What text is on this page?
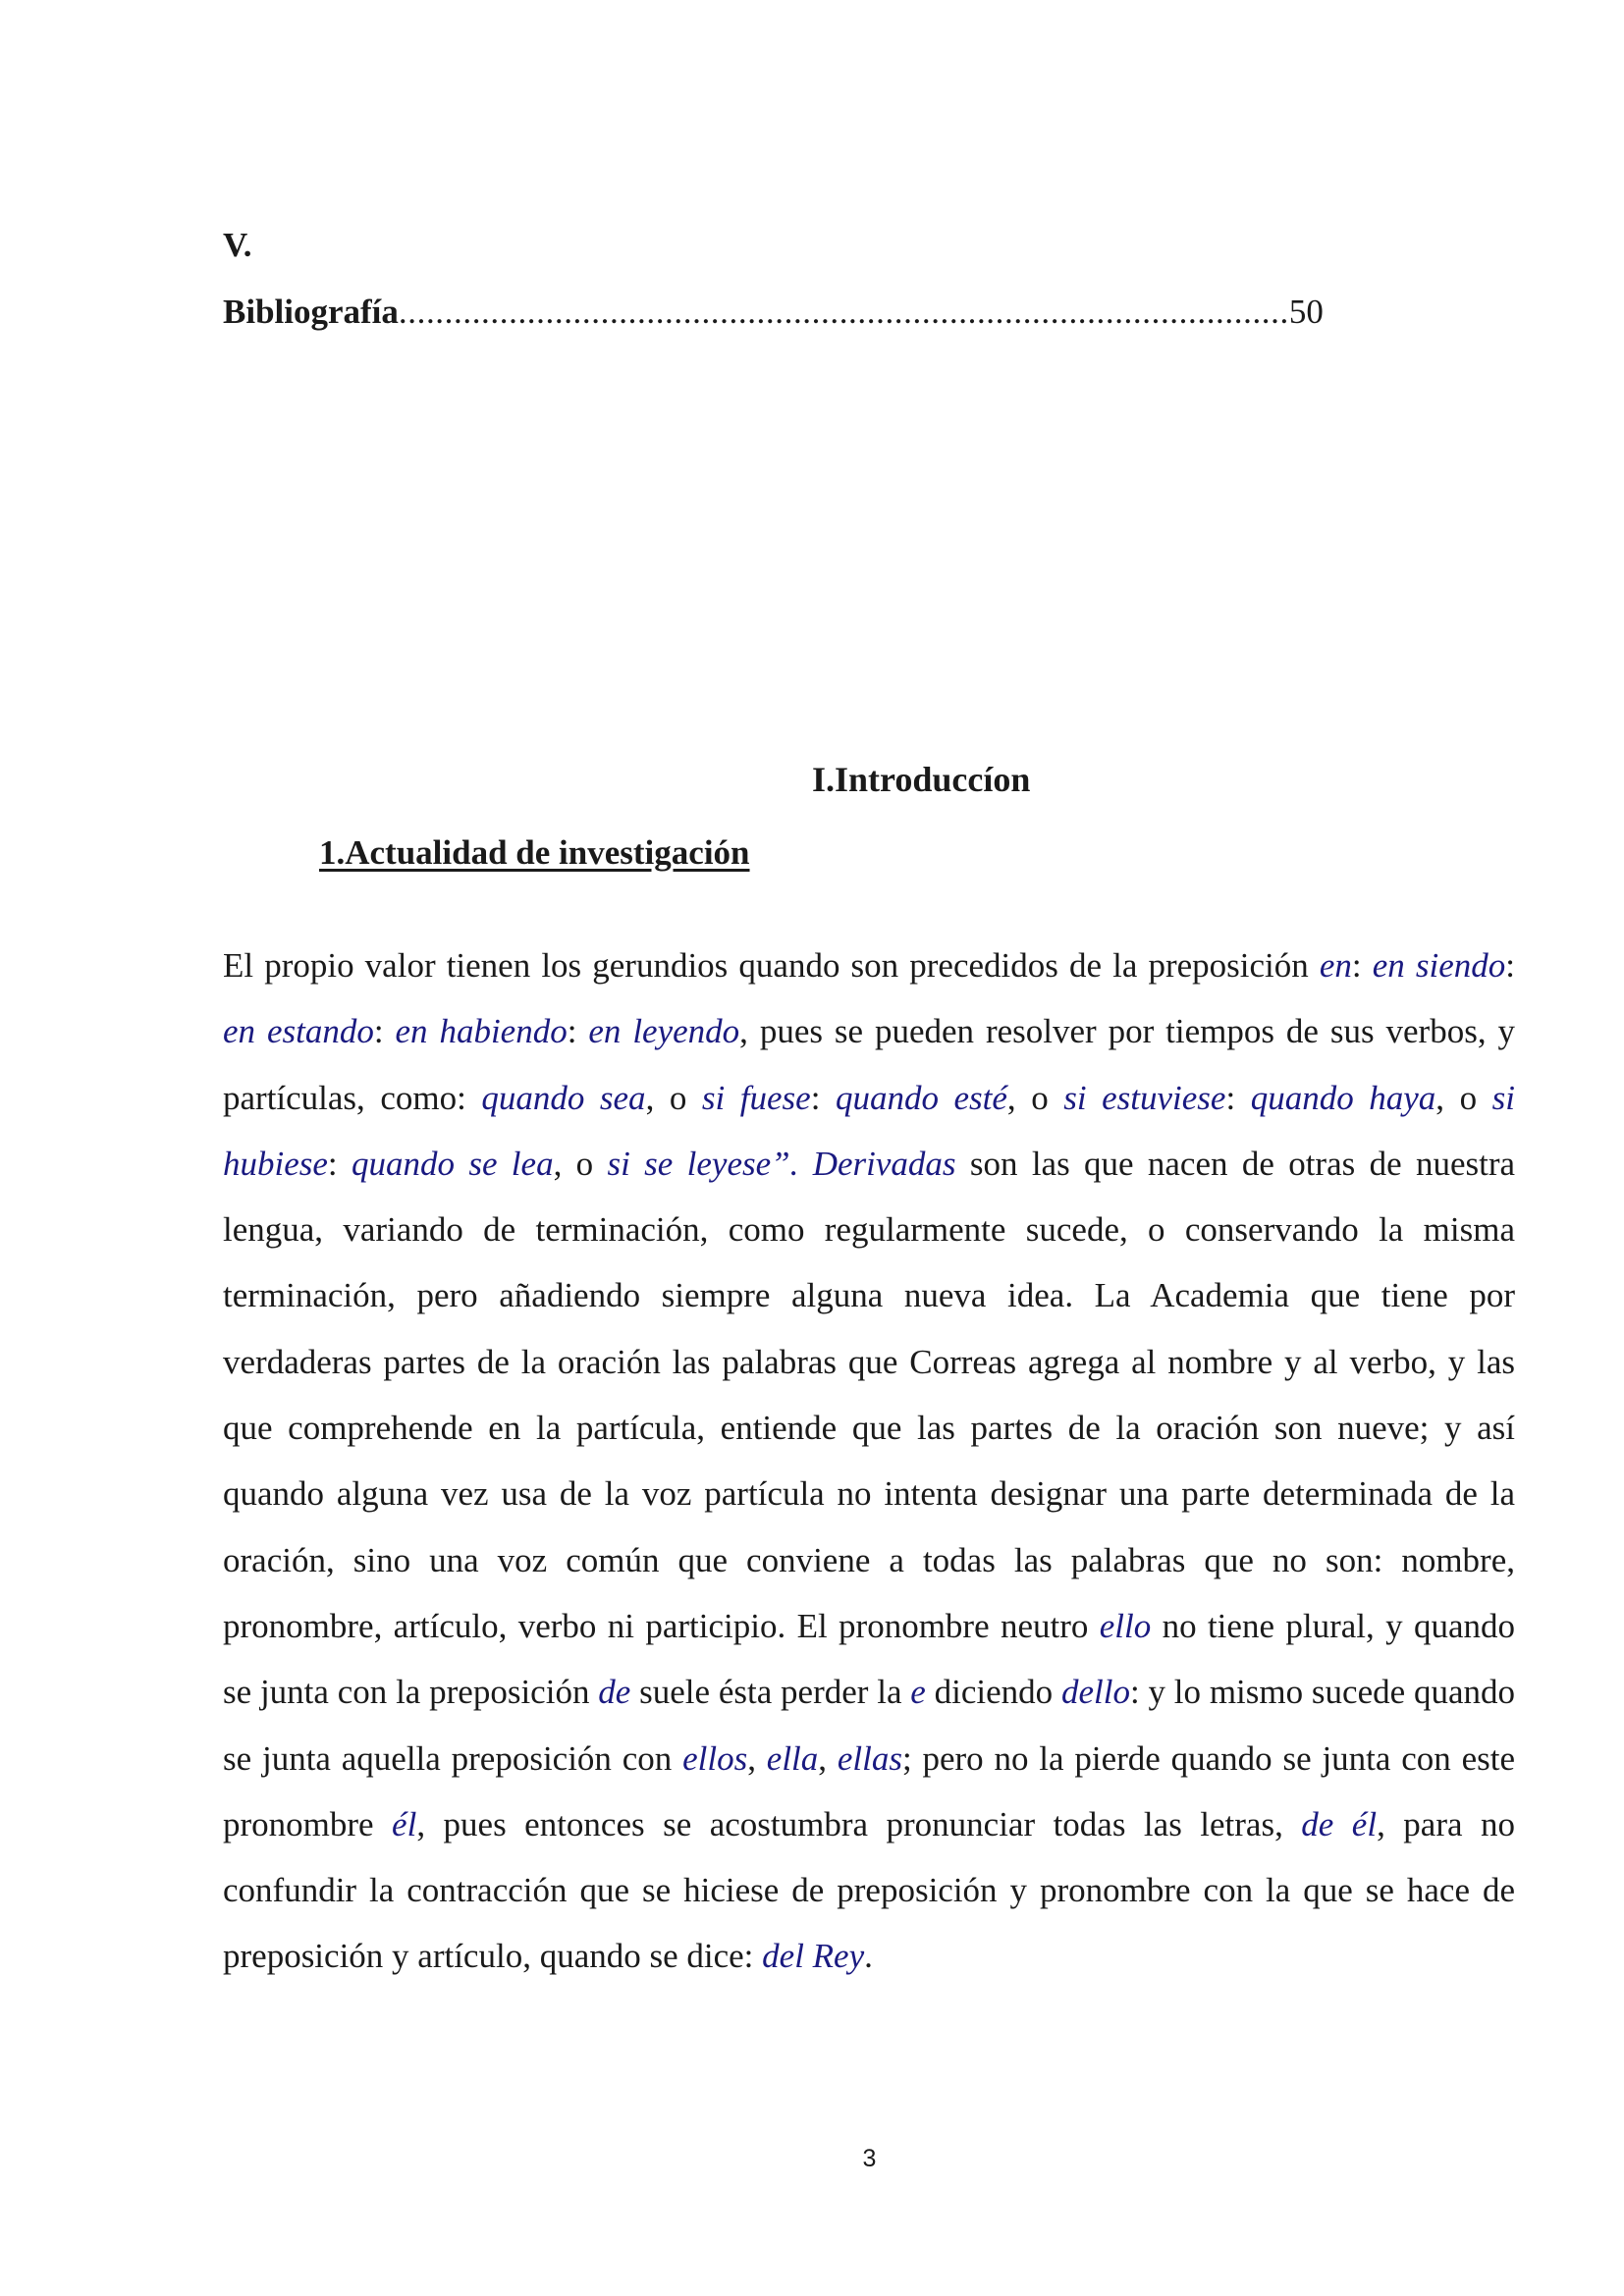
V.

Bibliografía.................................................................................................50
I.Introduccíon
1.Actualidad de investigación

El propio valor tienen los gerundios quando son precedidos de la preposición en: en siendo: en estando: en habiendo: en leyendo, pues se pueden resolver por tiempos de sus verbos, y partículas, como: quando sea, o si fuese: quando esté, o si estuviese: quando haya, o si hubiese: quando se lea, o si se leyese”. Derivadas son las que nacen de otras de nuestra lengua, variando de terminación, como regularmente sucede, o conservando la misma terminación, pero añadiendo siempre alguna nueva idea. La Academia que tiene por verdaderas partes de la oración las palabras que Correas agrega al nombre y al verbo, y las que comprehende en la partícula, entiende que las partes de la oración son nueve; y así quando alguna vez usa de la voz partícula no intenta designar una parte determinada de la oración, sino una voz común que conviene a todas las palabras que no son: nombre, pronombre, artículo, verbo ni participio. El pronombre neutro ello no tiene plural, y quando se junta con la preposición de suele ésta perder la e diciendo dello: y lo mismo sucede quando se junta aquella preposición con ellos, ella, ellas; pero no la pierde quando se junta con este pronombre él, pues entonces se acostumbra pronunciar todas las letras, de él, para no confundir la contracción que se hiciese de preposición y pronombre con la que se hace de preposición y artículo, quando se dice: del Rey.

3
